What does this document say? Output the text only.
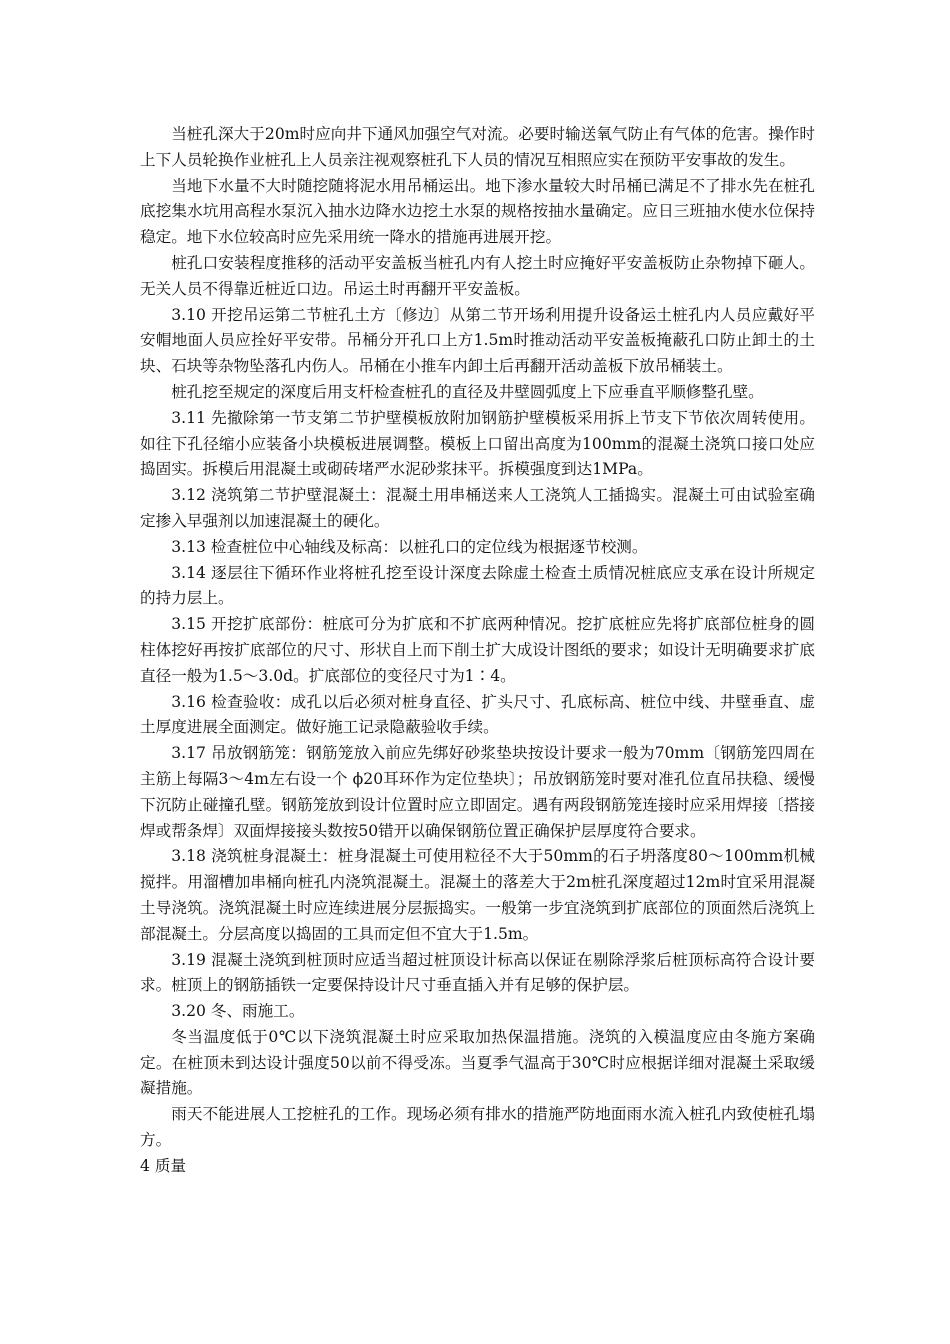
当桩孔深大于20m时应向井下通风加强空气对流。必要时输送氧气防止有气体的危害。操作时上下人员轮换作业桩孔上人员亲注视观察桩孔下人员的情况互相照应实在预防平安事故的发生。

当地下水量不大时随挖随将泥水用吊桶运出。地下渗水量较大时吊桶已满足不了排水先在桩孔底挖集水坑用高程水泵沉入抽水边降水边挖土水泵的规格按抽水量确定。应日三班抽水使水位保持稳定。地下水位较高时应先采用统一降水的措施再进展开挖。

桩孔口安装程度推移的活动平安盖板当桩孔内有人挖土时应掩好平安盖板防止杂物掉下砸人。无关人员不得靠近桩近口边。吊运土时再翻开平安盖板。

3.10 开挖吊运第二节桩孔土方〔修边〕从第二节开场利用提升设备运土桩孔内人员应戴好平安帽地面人员应拴好平安带。吊桶分开孔口上方1.5m时推动活动平安盖板掩蔽孔口防止卸土的土块、石块等杂物坠落孔内伤人。吊桶在小推车内卸土后再翻开活动盖板下放吊桶装土。

桩孔挖至规定的深度后用支杆检查桩孔的直径及井壁圆弧度上下应垂直平顺修整孔壁。

3.11 先撤除第一节支第二节护壁模板放附加钢筋护壁模板采用拆上节支下节依次周转使用。如往下孔径缩小应装备小块模板进展调整。模板上口留出高度为100mm的混凝土浇筑口接口处应捣固实。拆模后用混凝土或砌砖堵严水泥砂浆抹平。拆模强度到达1MPa。

3.12 浇筑第二节护壁混凝土：混凝土用串桶送来人工浇筑人工插捣实。混凝土可由试验室确定掺入早强剂以加速混凝土的硬化。

3.13 检查桩位中心轴线及标高：以桩孔口的定位线为根据逐节校测。

3.14 逐层往下循环作业将桩孔挖至设计深度去除虚土检查土质情况桩底应支承在设计所规定的持力层上。

3.15 开挖扩底部份：桩底可分为扩底和不扩底两种情况。挖扩底桩应先将扩底部位桩身的圆柱体挖好再按扩底部位的尺寸、形状自上而下削土扩大成设计图纸的要求；如设计无明确要求扩底直径一般为1.5～3.0d。扩底部位的变径尺寸为1∶4。

3.16 检查验收：成孔以后必须对桩身直径、扩头尺寸、孔底标高、桩位中线、井壁垂直、虚土厚度进展全面测定。做好施工记录隐蔽验收手续。

3.17 吊放钢筋笼：钢筋笼放入前应先绑好砂浆垫块按设计要求一般为70mm〔钢筋笼四周在主筋上每隔3～4m左右设一个 ϕ20耳环作为定位垫块〕；吊放钢筋笼时要对准孔位直吊扶稳、缓慢下沉防止碰撞孔壁。钢筋笼放到设计位置时应立即固定。遇有两段钢筋笼连接时应采用焊接〔搭接焊或帮条焊〕双面焊接接头数按50错开以确保钢筋位置正确保护层厚度符合要求。

3.18 浇筑桩身混凝土：桩身混凝土可使用粒径不大于50mm的石子坍落度80～100mm机械搅拌。用溜槽加串桶向桩孔内浇筑混凝土。混凝土的落差大于2m桩孔深度超过12m时宜采用混凝土导浇筑。浇筑混凝土时应连续进展分层振捣实。一般第一步宜浇筑到扩底部位的顶面然后浇筑上部混凝土。分层高度以捣固的工具而定但不宜大于1.5m。

3.19 混凝土浇筑到桩顶时应适当超过桩顶设计标高以保证在剔除浮浆后桩顶标高符合设计要求。桩顶上的钢筋插铁一定要保持设计尺寸垂直插入并有足够的保护层。

3.20 冬、雨施工。

冬当温度低于0℃以下浇筑混凝土时应采取加热保温措施。浇筑的入模温度应由冬施方案确定。在桩顶未到达设计强度50以前不得受冻。当夏季气温高于30℃时应根据详细对混凝土采取缓凝措施。

雨天不能进展人工挖桩孔的工作。现场必须有排水的措施严防地面雨水流入桩孔内致使桩孔塌方。

4 质量
